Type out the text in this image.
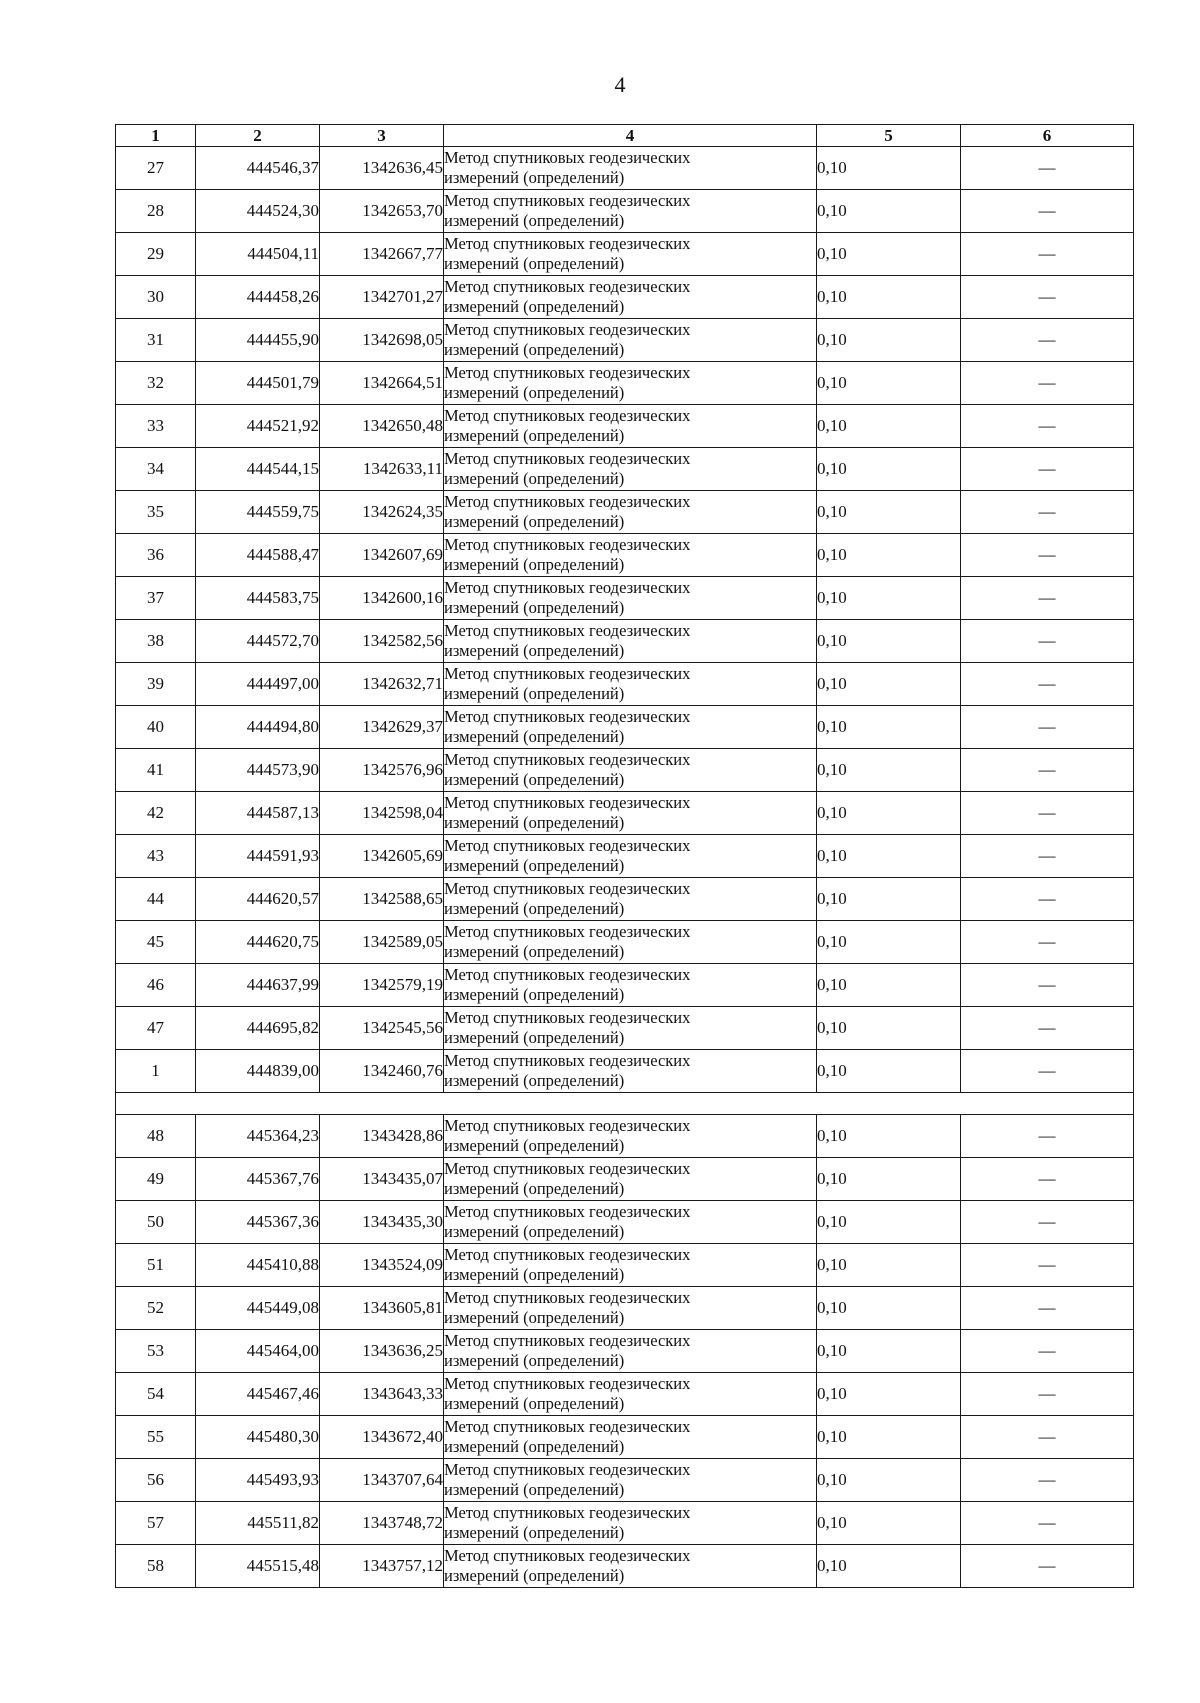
4
1	2	3	4	5	6
27	444546,37	1342636,45	Метод спутниковых геодезических
измерений (определений)	0,10	—
28	444524,30	1342653,70	Метод спутниковых геодезических
измерений (определений)	0,10	—
29	444504,11	1342667,77	Метод спутниковых геодезических
измерений (определений)	0,10	—
30	444458,26	1342701,27	Метод спутниковых геодезических
измерений (определений)	0,10	—
31	444455,90	1342698,05	Метод спутниковых геодезических
измерений (определений)	0,10	—
32	444501,79	1342664,51	Метод спутниковых геодезических
измерений (определений)	0,10	—
33	444521,92	1342650,48	Метод спутниковых геодезических
измерений (определений)	0,10	—
34	444544,15	1342633,11	Метод спутниковых геодезических
измерений (определений)	0,10	—
35	444559,75	1342624,35	Метод спутниковых геодезических
измерений (определений)	0,10	—
36	444588,47	1342607,69	Метод спутниковых геодезических
измерений (определений)	0,10	—
37	444583,75	1342600,16	Метод спутниковых геодезических
измерений (определений)	0,10	—
38	444572,70	1342582,56	Метод спутниковых геодезических
измерений (определений)	0,10	—
39	444497,00	1342632,71	Метод спутниковых геодезических
измерений (определений)	0,10	—
40	444494,80	1342629,37	Метод спутниковых геодезических
измерений (определений)	0,10	—
41	444573,90	1342576,96	Метод спутниковых геодезических
измерений (определений)	0,10	—
42	444587,13	1342598,04	Метод спутниковых геодезических
измерений (определений)	0,10	—
43	444591,93	1342605,69	Метод спутниковых геодезических
измерений (определений)	0,10	—
44	444620,57	1342588,65	Метод спутниковых геодезических
измерений (определений)	0,10	—
45	444620,75	1342589,05	Метод спутниковых геодезических
измерений (определений)	0,10	—
46	444637,99	1342579,19	Метод спутниковых геодезических
измерений (определений)	0,10	—
47	444695,82	1342545,56	Метод спутниковых геодезических
измерений (определений)	0,10	—
1	444839,00	1342460,76	Метод спутниковых геодезических
измерений (определений)	0,10	—

48	445364,23	1343428,86	Метод спутниковых геодезических
измерений (определений)	0,10	—
49	445367,76	1343435,07	Метод спутниковых геодезических
измерений (определений)	0,10	—
50	445367,36	1343435,30	Метод спутниковых геодезических
измерений (определений)	0,10	—
51	445410,88	1343524,09	Метод спутниковых геодезических
измерений (определений)	0,10	—
52	445449,08	1343605,81	Метод спутниковых геодезических
измерений (определений)	0,10	—
53	445464,00	1343636,25	Метод спутниковых геодезических
измерений (определений)	0,10	—
54	445467,46	1343643,33	Метод спутниковых геодезических
измерений (определений)	0,10	—
55	445480,30	1343672,40	Метод спутниковых геодезических
измерений (определений)	0,10	—
56	445493,93	1343707,64	Метод спутниковых геодезических
измерений (определений)	0,10	—
57	445511,82	1343748,72	Метод спутниковых геодезических
измерений (определений)	0,10	—
58	445515,48	1343757,12	Метод спутниковых геодезических
измерений (определений)	0,10	—
